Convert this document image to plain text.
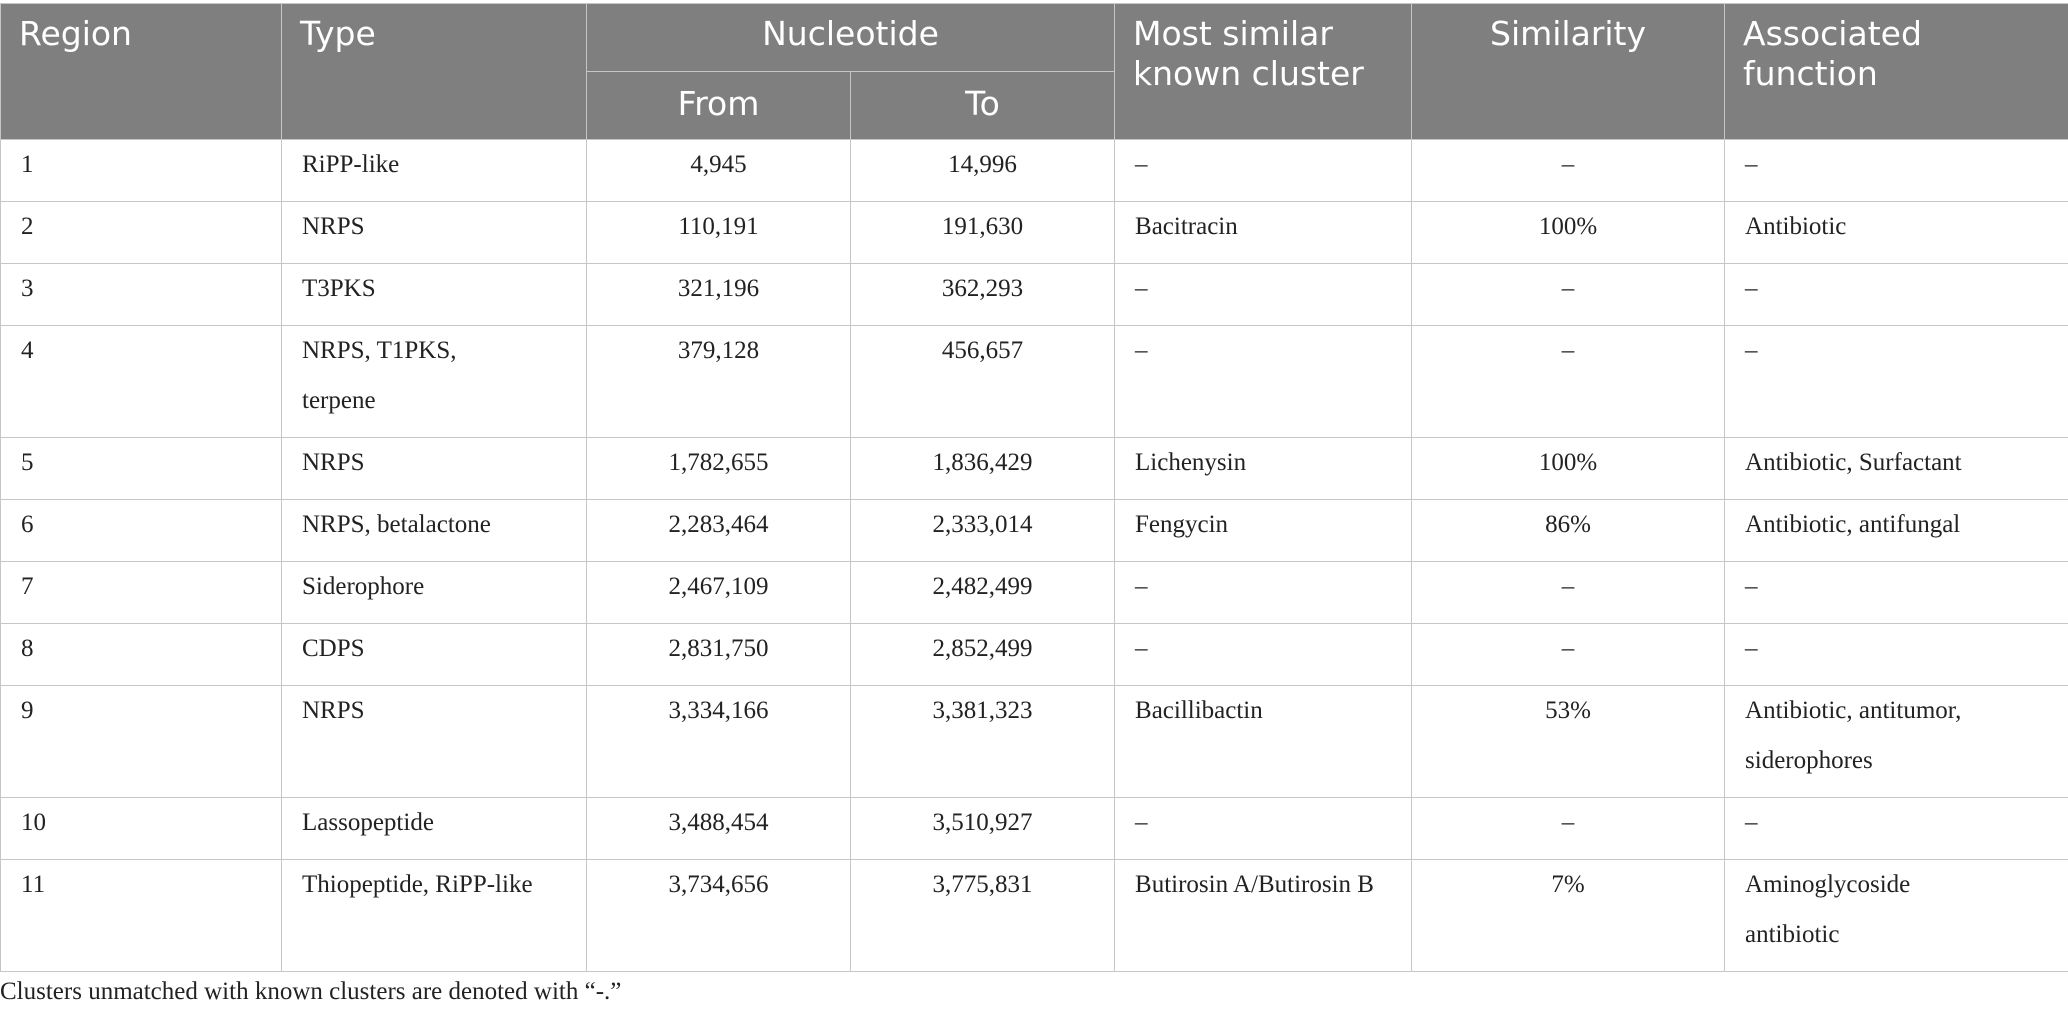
Region	Type	Nucleotide		Most similar known cluster	Similarity	Associated function
		From	To			
1	RiPP-like	4,945	14,996	–	–	–
2	NRPS	110,191	191,630	Bacitracin	100%	Antibiotic
3	T3PKS	321,196	362,293	–	–	–
4	NRPS, T1PKS, terpene	379,128	456,657	–	–	–
5	NRPS	1,782,655	1,836,429	Lichenysin	100%	Antibiotic, Surfactant
6	NRPS, betalactone	2,283,464	2,333,014	Fengycin	86%	Antibiotic, antifungal
7	Siderophore	2,467,109	2,482,499	–	–	–
8	CDPS	2,831,750	2,852,499	–	–	–
9	NRPS	3,334,166	3,381,323	Bacillibactin	53%	Antibiotic, antitumor, siderophores
10	Lassopeptide	3,488,454	3,510,927	–	–	–
11	Thiopeptide, RiPP-like	3,734,656	3,775,831	Butirosin A/Butirosin B	7%	Aminoglycoside antibiotic
Clusters unmatched with known clusters are denoted with “-.”
